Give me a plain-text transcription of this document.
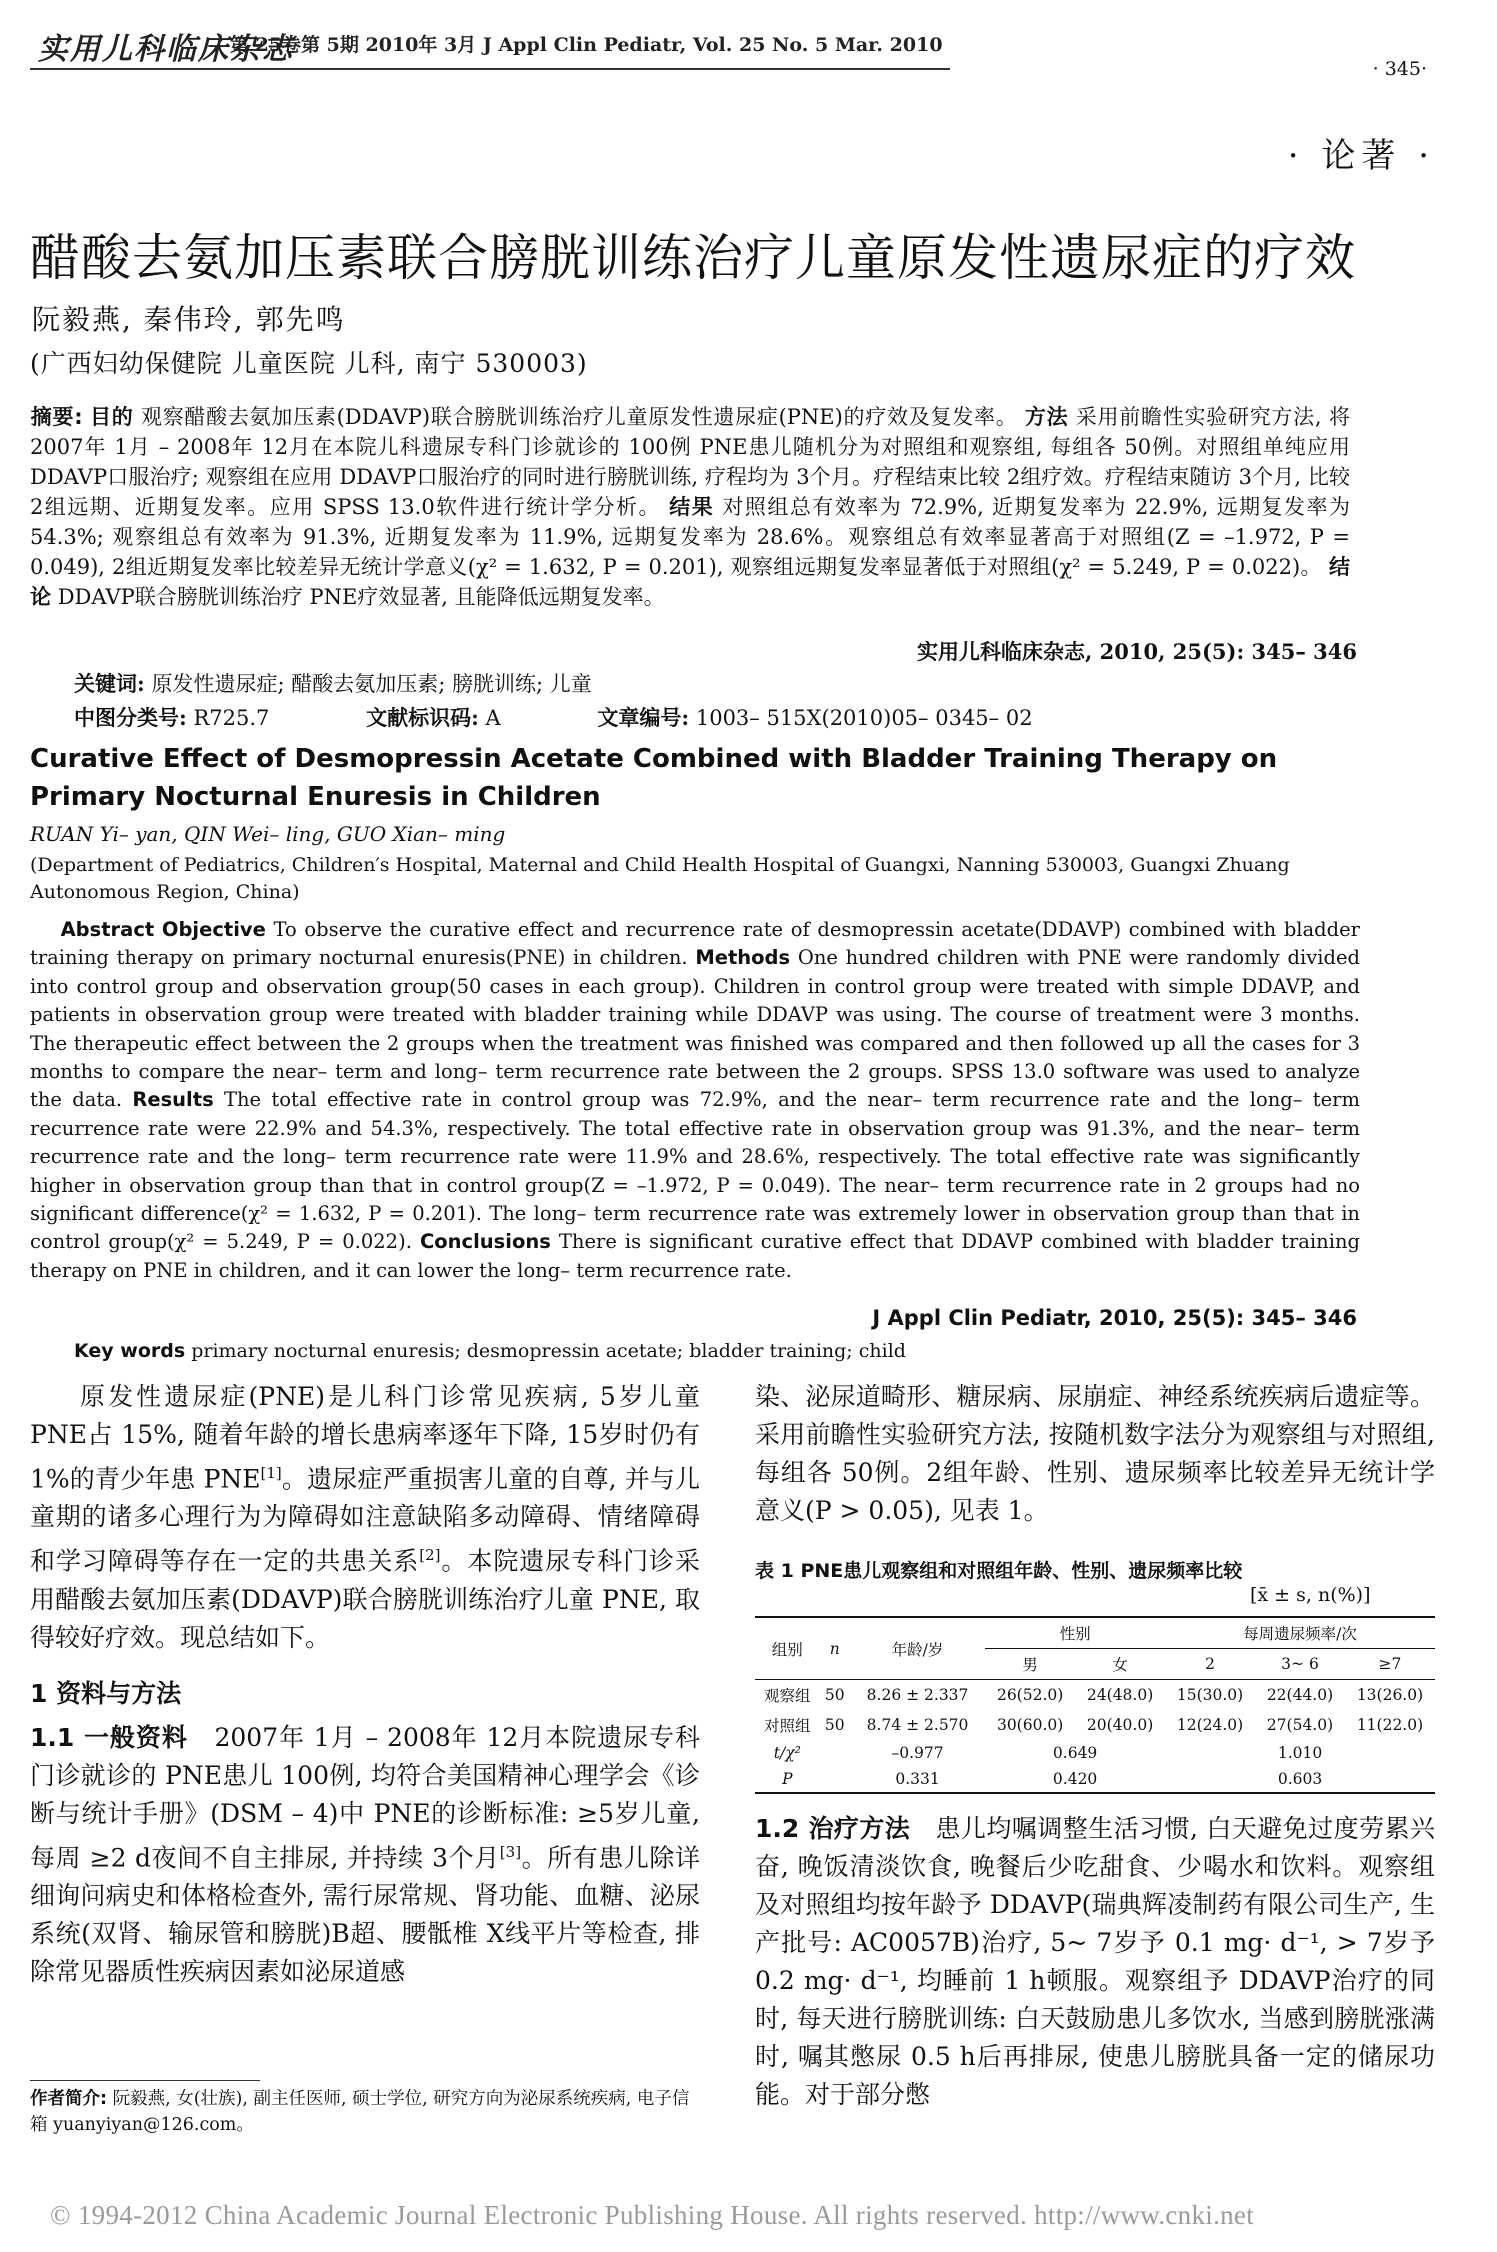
实用儿科临床杂志
第 25卷第 5期 2010年 3月 J Appl Clin Pediatr, Vol. 25 No. 5 Mar. 2010
· 345·
· 论著 ·
醋酸去氨加压素联合膀胱训练治疗儿童原发性遗尿症的疗效
阮毅燕, 秦伟玲, 郭先鸣
(广西妇幼保健院 儿童医院 儿科, 南宁 530003)
摘要: 目的 观察醋酸去氨加压素(DDAVP)联合膀胱训练治疗儿童原发性遗尿症(PNE)的疗效及复发率。 方法 采用前瞻性实验研究方法, 将 2007年 1月 – 2008年 12月在本院儿科遗尿专科门诊就诊的 100例 PNE患儿随机分为对照组和观察组, 每组各 50例。对照组单纯应用 DDAVP口服治疗; 观察组在应用 DDAVP口服治疗的同时进行膀胱训练, 疗程均为 3个月。疗程结束比较 2组疗效。疗程结束随访 3个月, 比较 2组远期、近期复发率。应用 SPSS 13.0软件进行统计学分析。 结果 对照组总有效率为 72.9%, 近期复发率为 22.9%, 远期复发率为 54.3%; 观察组总有效率为 91.3%, 近期复发率为 11.9%, 远期复发率为 28.6%。观察组总有效率显著高于对照组(Z = –1.972, P = 0.049), 2组近期复发率比较差异无统计学意义(χ² = 1.632, P = 0.201), 观察组远期复发率显著低于对照组(χ² = 5.249, P = 0.022)。 结论 DDAVP联合膀胱训练治疗 PNE疗效显著, 且能降低远期复发率。
实用儿科临床杂志, 2010, 25(5): 345– 346
关键词: 原发性遗尿症; 醋酸去氨加压素; 膀胱训练; 儿童
中图分类号: R725.7	文献标识码: A	文章编号: 1003– 515X(2010)05– 0345– 02
Curative Effect of Desmopressin Acetate Combined with Bladder Training Therapy on Primary Nocturnal Enuresis in Children
RUAN Yi– yan, QIN Wei– ling, GUO Xian– ming
(Department of Pediatrics, Children′s Hospital, Maternal and Child Health Hospital of Guangxi, Nanning 530003, Guangxi Zhuang Autonomous Region, China)
Abstract Objective To observe the curative effect and recurrence rate of desmopressin acetate(DDAVP) combined with bladder training therapy on primary nocturnal enuresis(PNE) in children. Methods One hundred children with PNE were randomly divided into control group and observation group(50 cases in each group). Children in control group were treated with simple DDAVP, and patients in observation group were treated with bladder training while DDAVP was using. The course of treatment were 3 months. The therapeutic effect between the 2 groups when the treatment was finished was compared and then followed up all the cases for 3 months to compare the near– term and long– term recurrence rate between the 2 groups. SPSS 13.0 software was used to analyze the data. Results The total effective rate in control group was 72.9%, and the near– term recurrence rate and the long– term recurrence rate were 22.9% and 54.3%, respectively. The total effective rate in observation group was 91.3%, and the near– term recurrence rate and the long– term recurrence rate were 11.9% and 28.6%, respectively. The total effective rate was significantly higher in observation group than that in control group(Z = –1.972, P = 0.049). The near– term recurrence rate in 2 groups had no significant difference(χ² = 1.632, P = 0.201). The long– term recurrence rate was extremely lower in observation group than that in control group(χ² = 5.249, P = 0.022). Conclusions There is significant curative effect that DDAVP combined with bladder training therapy on PNE in children, and it can lower the long– term recurrence rate.
J Appl Clin Pediatr, 2010, 25(5): 345– 346
Key words primary nocturnal enuresis; desmopressin acetate; bladder training; child

原发性遗尿症(PNE)是儿科门诊常见疾病, 5岁儿童 PNE占 15%, 随着年龄的增长患病率逐年下降, 15岁时仍有 1%的青少年患 PNE[1]。遗尿症严重损害儿童的自尊, 并与儿童期的诸多心理行为为障碍如注意缺陷多动障碍、情绪障碍和学习障碍等存在一定的共患关系[2]。本院遗尿专科门诊采用醋酸去氨加压素(DDAVP)联合膀胱训练治疗儿童 PNE, 取得较好疗效。现总结如下。

1 资料与方法

1.1 一般资料 2007年 1月 – 2008年 12月本院遗尿专科门诊就诊的 PNE患儿 100例, 均符合美国精神心理学会《诊断与统计手册》(DSM – 4)中 PNE的诊断标准: ≥5岁儿童, 每周 ≥2 d夜间不自主排尿, 并持续 3个月[3]。所有患儿除详细询问病史和体格检查外, 需行尿常规、肾功能、血糖、泌尿系统(双肾、输尿管和膀胱)B超、腰骶椎 X线平片等检查, 排除常见器质性疾病因素如泌尿道感

染、泌尿道畸形、糖尿病、尿崩症、神经系统疾病后遗症等。采用前瞻性实验研究方法, 按随机数字法分为观察组与对照组, 每组各 50例。2组年龄、性别、遗尿频率比较差异无统计学意义(P > 0.05), 见表 1。

表 1 PNE患儿观察组和对照组年龄、性别、遗尿频率比较
[x̄ ± s, n(%)]
组别	n	年龄/岁	性别		每周遗尿频率/次		
			男	女	2	3~ 6	≥7
观察组	50	8.26 ± 2.337	26(52.0)	24(48.0)	15(30.0)	22(44.0)	13(26.0)
对照组	50	8.74 ± 2.570	30(60.0)	20(40.0)	12(24.0)	27(54.0)	11(22.0)
t/χ²		–0.977	0.649		1.010		
P		0.331	0.420		0.603		

1.2 治疗方法 患儿均嘱调整生活习惯, 白天避免过度劳累兴奋, 晚饭清淡饮食, 晚餐后少吃甜食、少喝水和饮料。观察组及对照组均按年龄予 DDAVP(瑞典辉凌制药有限公司生产, 生产批号: AC0057B)治疗, 5~ 7岁予 0.1 mg· d⁻¹, > 7岁予 0.2 mg· d⁻¹, 均睡前 1 h顿服。观察组予 DDAVP治疗的同时, 每天进行膀胱训练: 白天鼓励患儿多饮水, 当感到膀胱涨满时, 嘱其憋尿 0.5 h后再排尿, 使患儿膀胱具备一定的储尿功能。对于部分憋

作者简介: 阮毅燕, 女(壮族), 副主任医师, 硕士学位, 研究方向为泌尿系统疾病, 电子信箱 yuanyiyan@126.com。
© 1994-2012 China Academic Journal Electronic Publishing House. All rights reserved. http://www.cnki.net
